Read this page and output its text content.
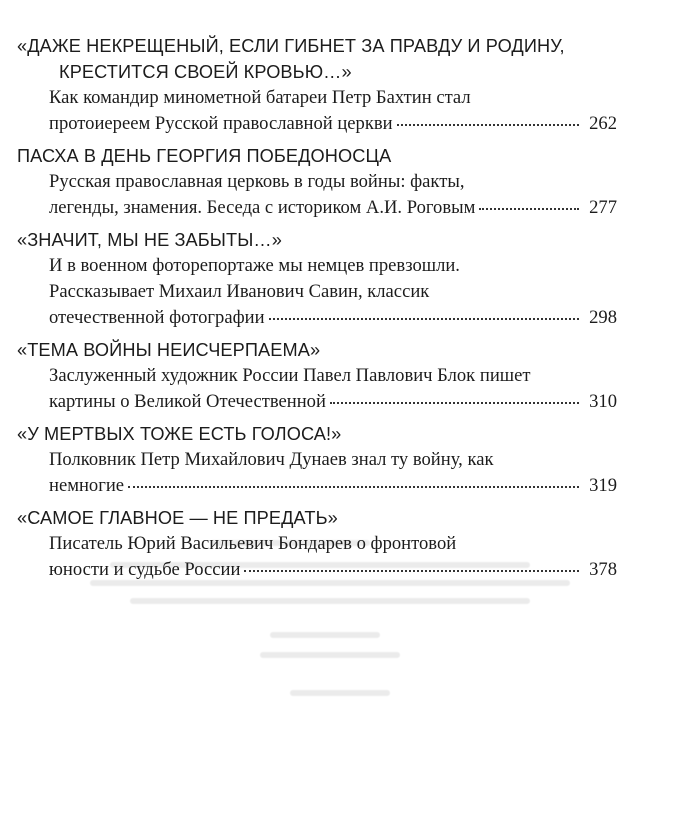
«ДАЖЕ НЕКРЕЩЕНЫЙ, ЕСЛИ ГИБНЕТ ЗА ПРАВДУ И РОДИНУ,
КРЕСТИТСЯ СВОЕЙ КРОВЬЮ…»
Как командир минометной батареи Петр Бахтин стал
протоиереем Русской православной церкви	262
ПАСХА В ДЕНЬ ГЕОРГИЯ ПОБЕДОНОСЦА
Русская православная церковь в годы войны: факты,
легенды, знамения. Беседа с историком А.И. Роговым	277
«ЗНАЧИТ, МЫ НЕ ЗАБЫТЫ…»
И в военном фоторепортаже мы немцев превзошли.
Рассказывает Михаил Иванович Савин, классик
отечественной фотографии	298
«ТЕМА ВОЙНЫ НЕИСЧЕРПАЕМА»
Заслуженный художник России Павел Павлович Блок пишет
картины о Великой Отечественной	310
«У МЕРТВЫХ ТОЖЕ ЕСТЬ ГОЛОСА!»
Полковник Петр Михайлович Дунаев знал ту войну, как
немногие	319
«САМОЕ ГЛАВНОЕ — НЕ ПРЕДАТЬ»
Писатель Юрий Васильевич Бондарев о фронтовой
юности и судьбе России	378
